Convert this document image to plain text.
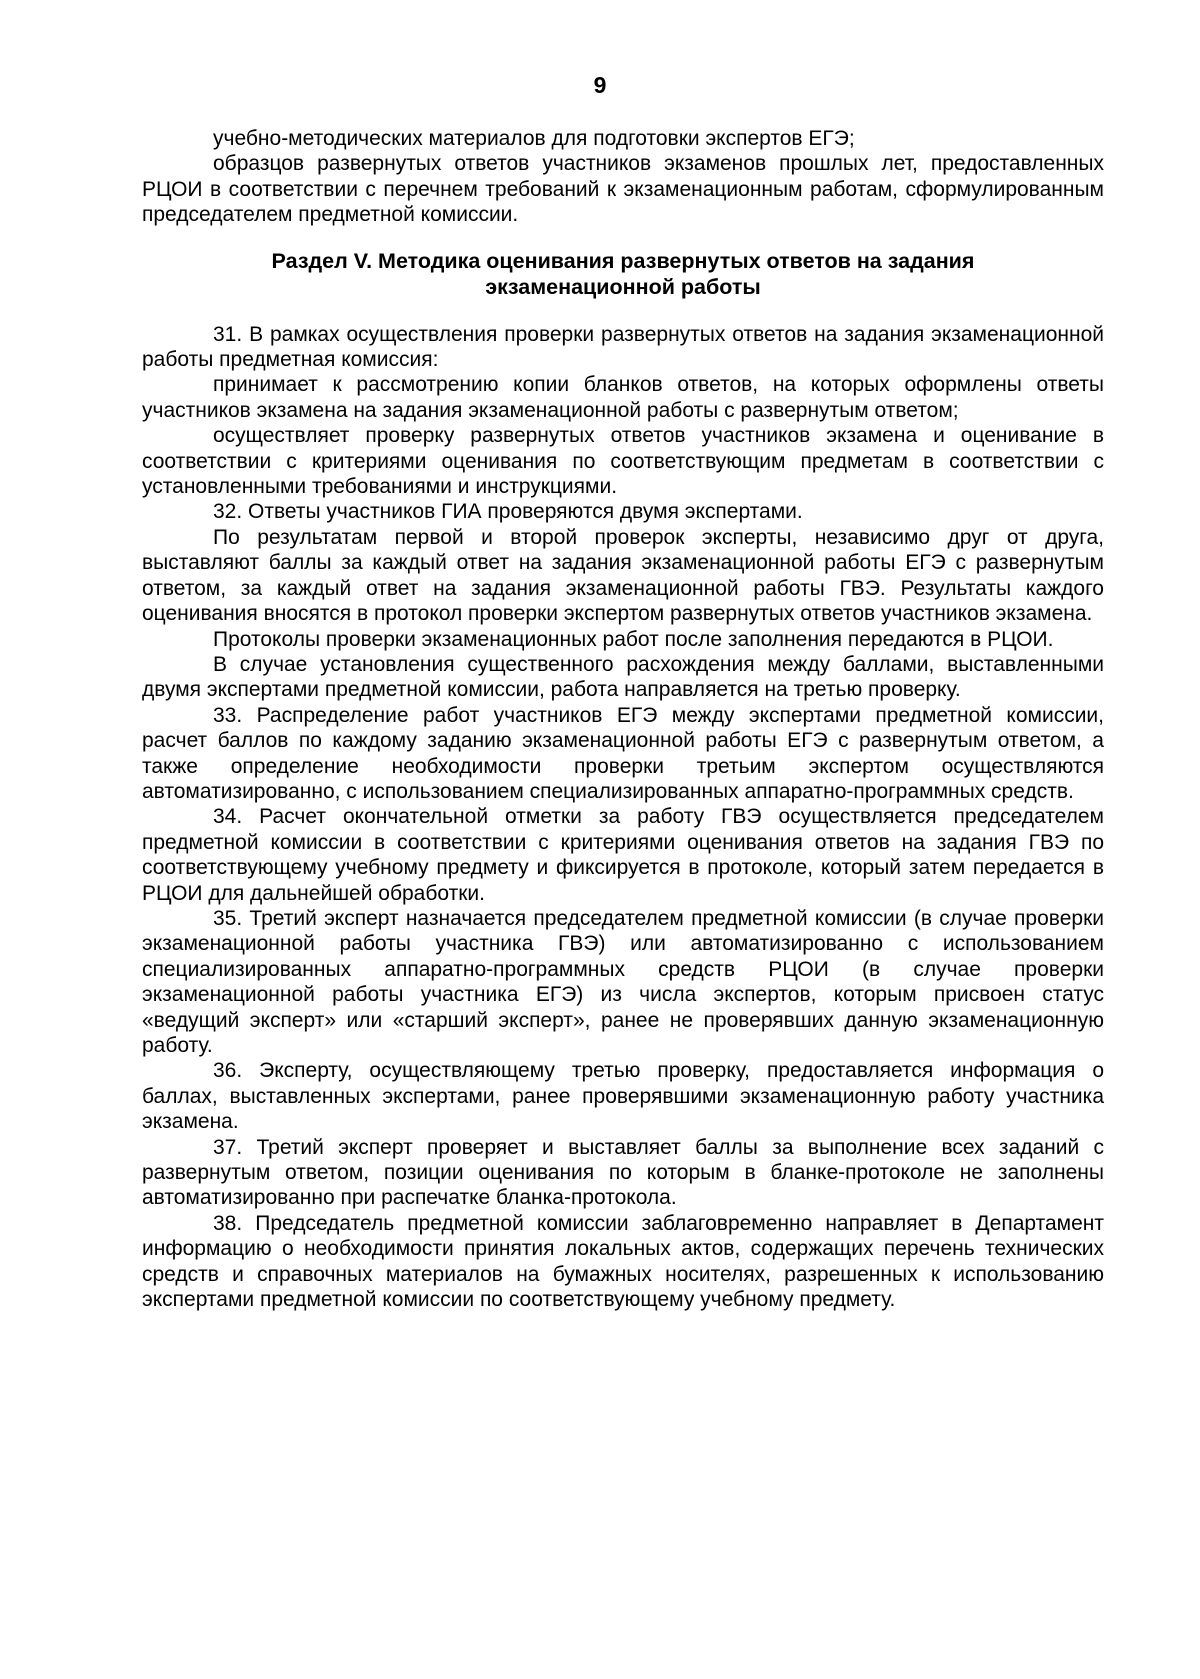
9

учебно-методических материалов для подготовки экспертов ЕГЭ;

образцов развернутых ответов участников экзаменов прошлых лет, предоставленных РЦОИ в соответствии с перечнем требований к экзаменационным работам, сформулированным председателем предметной комиссии.

Раздел V. Методика оценивания развернутых ответов на задания
экзаменационной работы

31. В рамках осуществления проверки развернутых ответов на задания экзаменационной работы предметная комиссия:

принимает к рассмотрению копии бланков ответов, на которых оформлены ответы участников экзамена на задания экзаменационной работы с развернутым ответом;

осуществляет проверку развернутых ответов участников экзамена и оценивание в соответствии с критериями оценивания по соответствующим предметам в соответствии с установленными требованиями и инструкциями.

32. Ответы участников ГИА проверяются двумя экспертами.

По результатам первой и второй проверок эксперты, независимо друг от друга, выставляют баллы за каждый ответ на задания экзаменационной работы ЕГЭ с развернутым ответом, за каждый ответ на задания экзаменационной работы ГВЭ. Результаты каждого оценивания вносятся в протокол проверки экспертом развернутых ответов участников экзамена.

Протоколы проверки экзаменационных работ после заполнения передаются в РЦОИ.

В случае установления существенного расхождения между баллами, выставленными двумя экспертами предметной комиссии, работа направляется на третью проверку.

33. Распределение работ участников ЕГЭ между экспертами предметной комиссии, расчет баллов по каждому заданию экзаменационной работы ЕГЭ с развернутым ответом, а также определение необходимости проверки третьим экспертом осуществляются автоматизированно, с использованием специализированных аппаратно-программных средств.

34. Расчет окончательной отметки за работу ГВЭ осуществляется председателем предметной комиссии в соответствии с критериями оценивания ответов на задания ГВЭ по соответствующему учебному предмету и фиксируется в протоколе, который затем передается в РЦОИ для дальнейшей обработки.

35. Третий эксперт назначается председателем предметной комиссии (в случае проверки экзаменационной работы участника ГВЭ) или автоматизированно с использованием специализированных аппаратно-программных средств РЦОИ (в случае проверки экзаменационной работы участника ЕГЭ) из числа экспертов, которым присвоен статус «ведущий эксперт» или «старший эксперт», ранее не проверявших данную экзаменационную работу.

36. Эксперту, осуществляющему третью проверку, предоставляется информация о баллах, выставленных экспертами, ранее проверявшими экзаменационную работу участника экзамена.

37. Третий эксперт проверяет и выставляет баллы за выполнение всех заданий с развернутым ответом, позиции оценивания по которым в бланке-протоколе не заполнены автоматизированно при распечатке бланка-протокола.

38. Председатель предметной комиссии заблаговременно направляет в Департамент информацию о необходимости принятия локальных актов, содержащих перечень технических средств и справочных материалов на бумажных носителях, разрешенных к использованию экспертами предметной комиссии по соответствующему учебному предмету.
